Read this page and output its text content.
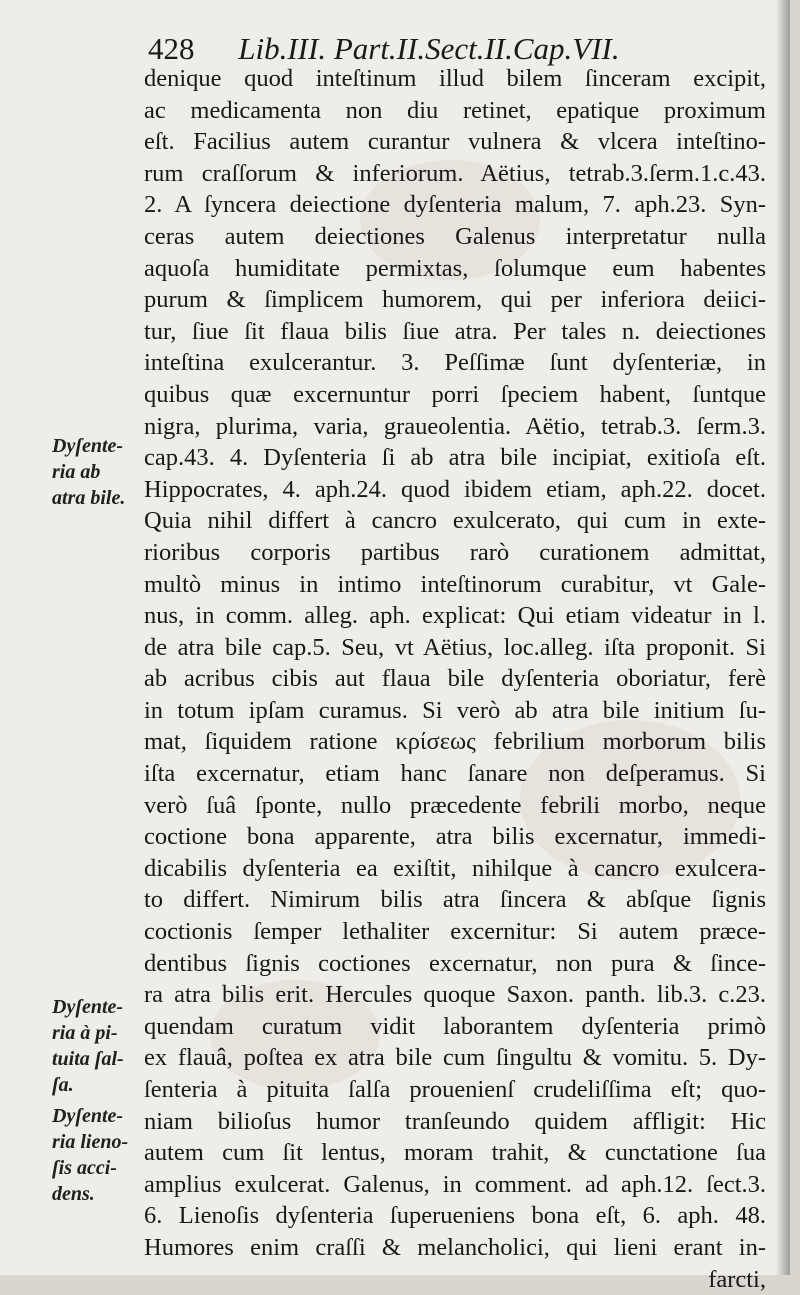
428 Lib.III. Part.II.Sect.II.Cap.VII.
denique quod inteſtinum illud bilem ſinceram excipit,
ac medicamenta non diu retinet, epatique proximum
eſt. Facilius autem curantur vulnera & vlcera inteſtino-
rum craſſorum & inferiorum. Aëtius, tetrab.3.ſerm.1.c.43.
2. A ſyncera deiectione dyſenteria malum, 7. aph.23. Syn-
ceras autem deiectiones Galenus interpretatur nulla
aquoſa humiditate permixtas, ſolumque eum habentes
purum & ſimplicem humorem, qui per inferiora deiici-
tur, ſiue ſit flaua bilis ſiue atra. Per tales n. deiectiones
inteſtina exulcerantur. 3. Peſſimæ ſunt dyſenteriæ, in
quibus quæ excernuntur porri ſpeciem habent, ſuntque
nigra, plurima, varia, graueolentia. Aëtio, tetrab.3. ſerm.3.
cap.43. 4. Dyſenteria ſi ab atra bile incipiat, exitioſa eſt.
Hippocrates, 4. aph.24. quod ibidem etiam, aph.22. docet.
Quia nihil differt à cancro exulcerato, qui cum in exte-
rioribus corporis partibus rarò curationem admittat,
multò minus in intimo inteſtinorum curabitur, vt Gale-
nus, in comm. alleg. aph. explicat: Qui etiam videatur in l.
de atra bile cap.5. Seu, vt Aëtius, loc.alleg. iſta proponit. Si
ab acribus cibis aut flaua bile dyſenteria oboriatur, ferè
in totum ipſam curamus. Si verò ab atra bile initium ſu-
mat, ſiquidem ratione κρίσεως febrilium morborum bilis
iſta excernatur, etiam hanc ſanare non deſperamus. Si
verò ſuâ ſponte, nullo præcedente febrili morbo, neque
coctione bona apparente, atra bilis excernatur, immedi-
dicabilis dyſenteria ea exiſtit, nihilque à cancro exulcera-
to differt. Nimirum bilis atra ſincera & abſque ſignis
coctionis ſemper lethaliter excernitur: Si autem præce-
dentibus ſignis coctiones excernatur, non pura & ſince-
ra atra bilis erit. Hercules quoque Saxon. panth. lib.3. c.23.
quendam curatum vidit laborantem dyſenteria primò
ex flauâ, poſtea ex atra bile cum ſingultu & vomitu. 5. Dy-
ſenteria à pituita ſalſa prouenienſ crudeliſſima eſt; quo-
niam bilioſus humor tranſeundo quidem affligit: Hic
autem cum ſit lentus, moram trahit, & cunctatione ſua
amplius exulcerat. Galenus, in comment. ad aph.12. ſect.3.
6. Lienoſis dyſenteria ſuperueniens bona eſt, 6. aph. 48.
Humores enim craſſi & melancholici, qui lieni erant in-
farcti,
Dyſente-
ria ab
atra bile.
Dyſente-
ria à pi-
tuita ſal-
ſa.
Dyſente-
ria lieno-
ſis acci-
dens.
